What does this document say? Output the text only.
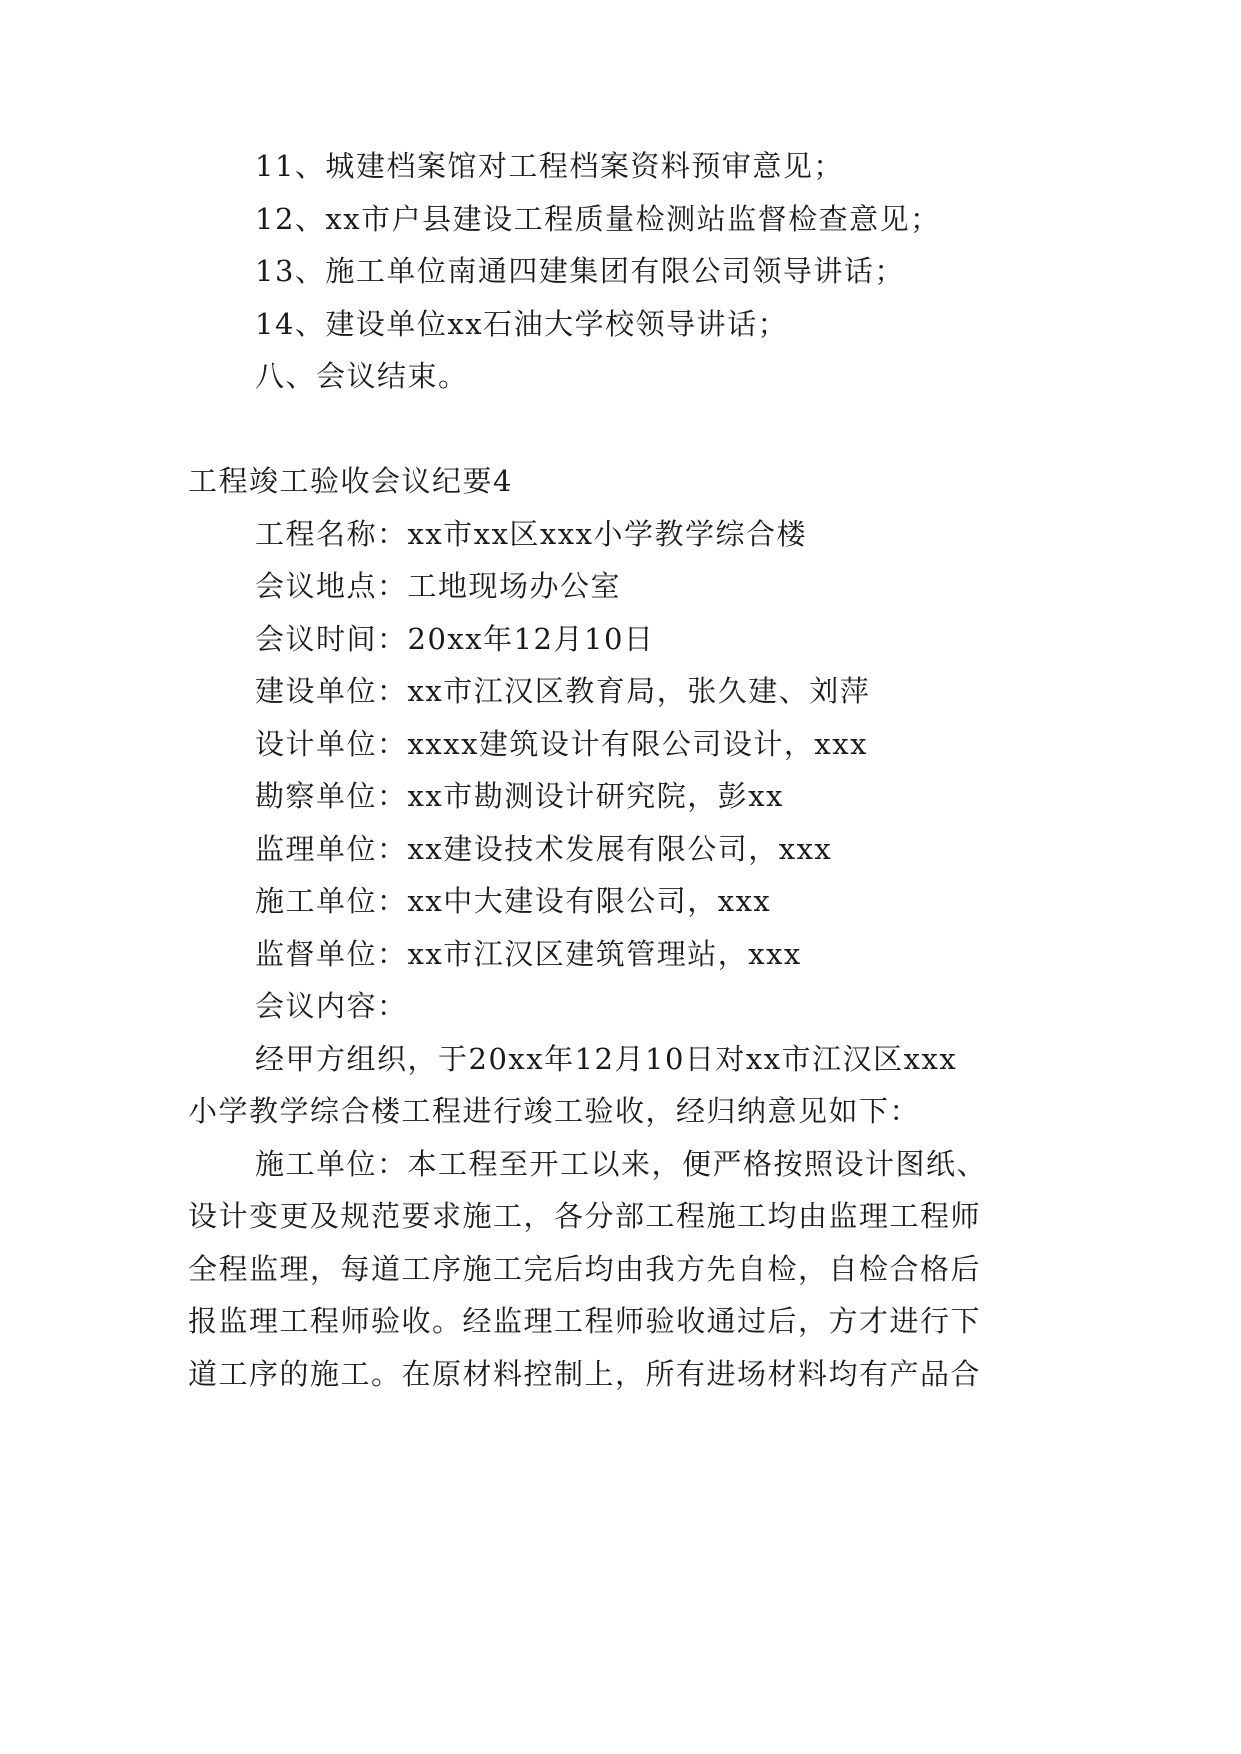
11、城建档案馆对工程档案资料预审意见；
12、xx市户县建设工程质量检测站监督检查意见；
13、施工单位南通四建集团有限公司领导讲话；
14、建设单位xx石油大学校领导讲话；
八、会议结束。
工程竣工验收会议纪要4
工程名称：xx市xx区xxx小学教学综合楼
会议地点：工地现场办公室
会议时间：20xx年12月10日
建设单位：xx市江汉区教育局，张久建、刘萍
设计单位：xxxx建筑设计有限公司设计，xxx
勘察单位：xx市勘测设计研究院，彭xx
监理单位：xx建设技术发展有限公司，xxx
施工单位：xx中大建设有限公司，xxx
监督单位：xx市江汉区建筑管理站，xxx
会议内容：
经甲方组织，于20xx年12月10日对xx市江汉区xxx
小学教学综合楼工程进行竣工验收，经归纳意见如下：
施工单位：本工程至开工以来，便严格按照设计图纸、
设计变更及规范要求施工，各分部工程施工均由监理工程师
全程监理，每道工序施工完后均由我方先自检，自检合格后
报监理工程师验收。经监理工程师验收通过后，方才进行下
道工序的施工。在原材料控制上，所有进场材料均有产品合
